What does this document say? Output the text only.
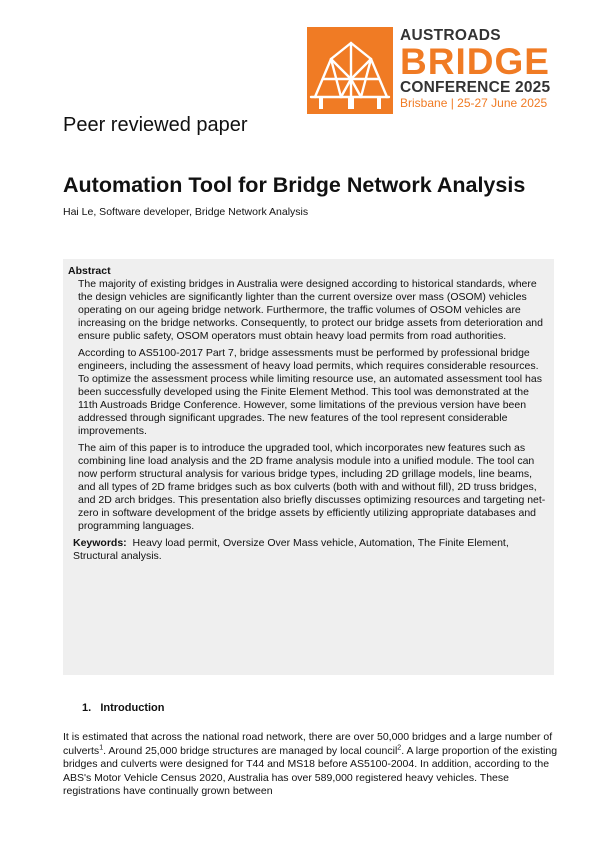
AUSTROADS
BRIDGE
CONFERENCE 2025
Brisbane | 25-27 June 2025
Peer reviewed paper
Automation Tool for Bridge Network Analysis
Hai Le, Software developer, Bridge Network Analysis
Abstract

The majority of existing bridges in Australia were designed according to historical standards, where the design vehicles are significantly lighter than the current oversize over mass (OSOM) vehicles operating on our ageing bridge network. Furthermore, the traffic volumes of OSOM vehicles are increasing on the bridge networks. Consequently, to protect our bridge assets from deterioration and ensure public safety, OSOM operators must obtain heavy load permits from road authorities.

According to AS5100-2017 Part 7, bridge assessments must be performed by professional bridge engineers, including the assessment of heavy load permits, which requires considerable resources. To optimize the assessment process while limiting resource use, an automated assessment tool has been successfully developed using the Finite Element Method. This tool was demonstrated at the 11th Austroads Bridge Conference. However, some limitations of the previous version have been addressed through significant upgrades. The new features of the tool represent considerable improvements.

The aim of this paper is to introduce the upgraded tool, which incorporates new features such as combining line load analysis and the 2D frame analysis module into a unified module. The tool can now perform structural analysis for various bridge types, including 2D grillage models, line beams, and all types of 2D frame bridges such as box culverts (both with and without fill), 2D truss bridges, and 2D arch bridges. This presentation also briefly discusses optimizing resources and targeting net-zero in software development of the bridge assets by efficiently utilizing appropriate databases and programming languages.

Keywords: Heavy load permit, Oversize Over Mass vehicle, Automation, The Finite Element, Structural analysis.
1.   Introduction

It is estimated that across the national road network, there are over 50,000 bridges and a large number of culverts$^1$. Around 25,000 bridge structures are managed by local council$^2$. A large proportion of the existing bridges and culverts were designed for T44 and MS18 before AS5100-2004. In addition, according to the ABS's Motor Vehicle Census 2020, Australia has over 589,000 registered heavy vehicles. These registrations have continually grown between
